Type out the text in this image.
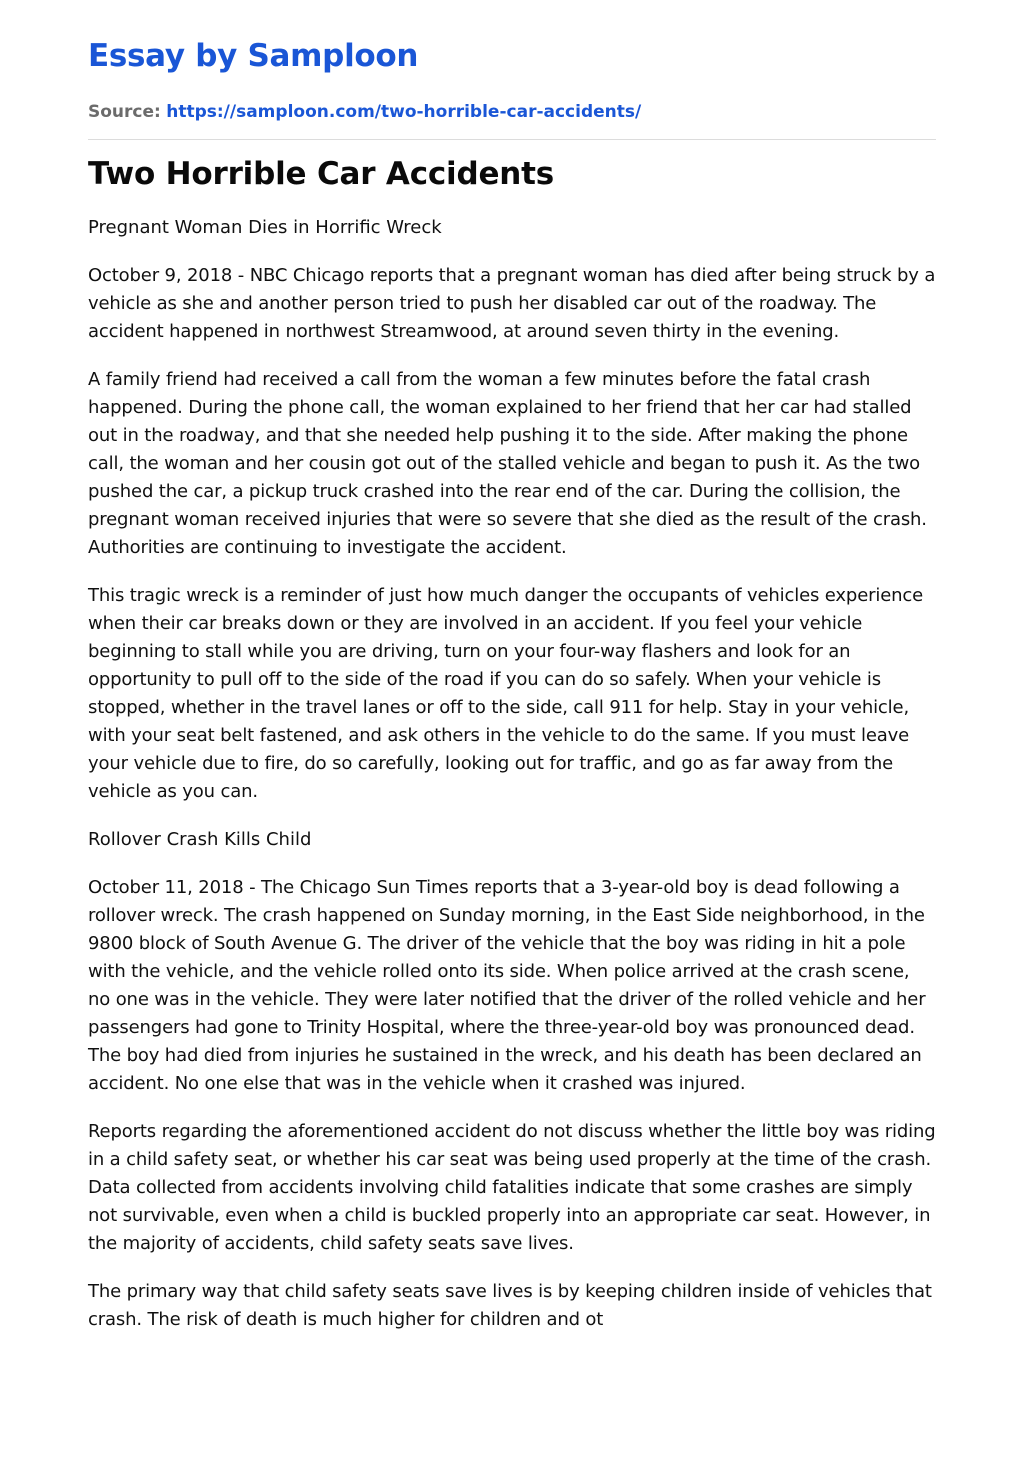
Essay by Samploon
Source: https://samploon.com/two-horrible-car-accidents/
Two Horrible Car Accidents

Pregnant Woman Dies in Horrific Wreck

October 9, 2018 - NBC Chicago reports that a pregnant woman has died after being struck by a vehicle as she and another person tried to push her disabled car out of the roadway. The accident happened in northwest Streamwood, at around seven thirty in the evening.

A family friend had received a call from the woman a few minutes before the fatal crash happened. During the phone call, the woman explained to her friend that her car had stalled out in the roadway, and that she needed help pushing it to the side. After making the phone call, the woman and her cousin got out of the stalled vehicle and began to push it. As the two pushed the car, a pickup truck crashed into the rear end of the car. During the collision, the pregnant woman received injuries that were so severe that she died as the result of the crash. Authorities are continuing to investigate the accident.

This tragic wreck is a reminder of just how much danger the occupants of vehicles experience when their car breaks down or they are involved in an accident. If you feel your vehicle beginning to stall while you are driving, turn on your four-way flashers and look for an opportunity to pull off to the side of the road if you can do so safely. When your vehicle is stopped, whether in the travel lanes or off to the side, call 911 for help. Stay in your vehicle, with your seat belt fastened, and ask others in the vehicle to do the same. If you must leave your vehicle due to fire, do so carefully, looking out for traffic, and go as far away from the vehicle as you can.

Rollover Crash Kills Child

October 11, 2018 - The Chicago Sun Times reports that a 3-year-old boy is dead following a rollover wreck. The crash happened on Sunday morning, in the East Side neighborhood, in the 9800 block of South Avenue G. The driver of the vehicle that the boy was riding in hit a pole with the vehicle, and the vehicle rolled onto its side. When police arrived at the crash scene, no one was in the vehicle. They were later notified that the driver of the rolled vehicle and her passengers had gone to Trinity Hospital, where the three-year-old boy was pronounced dead. The boy had died from injuries he sustained in the wreck, and his death has been declared an accident. No one else that was in the vehicle when it crashed was injured.

Reports regarding the aforementioned accident do not discuss whether the little boy was riding in a child safety seat, or whether his car seat was being used properly at the time of the crash. Data collected from accidents involving child fatalities indicate that some crashes are simply not survivable, even when a child is buckled properly into an appropriate car seat. However, in the majority of accidents, child safety seats save lives.

The primary way that child safety seats save lives is by keeping children inside of vehicles that crash. The risk of death is much higher for children and ot
